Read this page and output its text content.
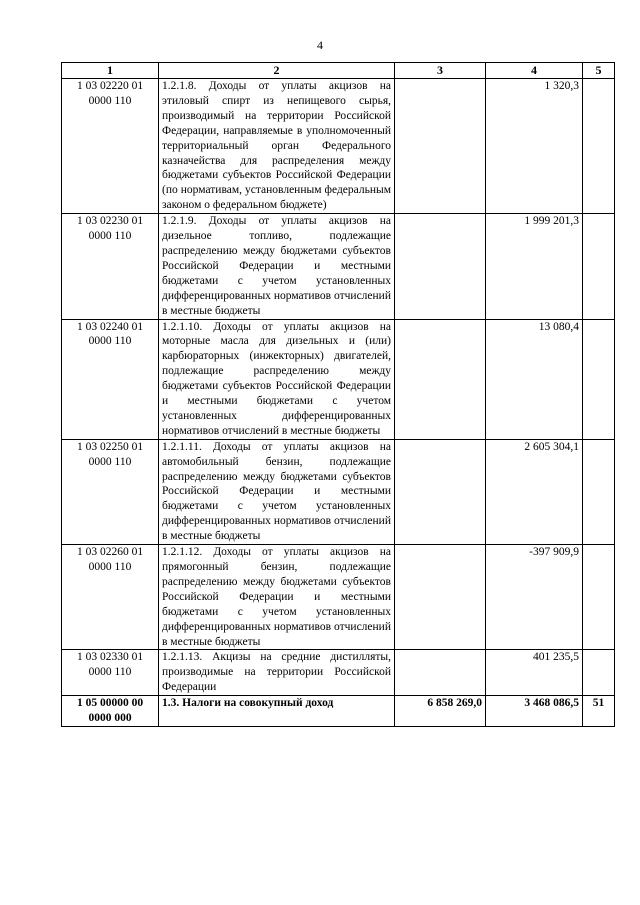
4
1	2	3	4	5
1 03 02220 01 0000 110	1.2.1.8. Доходы от уплаты акцизов на этиловый спирт из непищевого сырья, производимый на территории Российской Федерации, направляемые в уполномоченный территориальный орган Федерального казначейства для распределения между бюджетами субъектов Российской Федерации (по нормативам, установленным федеральным законом о федеральном бюджете)		1 320,3	
1 03 02230 01 0000 110	1.2.1.9. Доходы от уплаты акцизов на дизельное топливо, подлежащие распределению между бюджетами субъектов Российской Федерации и местными бюджетами с учетом установленных дифференцированных нормативов отчислений в местные бюджеты		1 999 201,3	
1 03 02240 01 0000 110	1.2.1.10. Доходы от уплаты акцизов на моторные масла для дизельных и (или) карбюраторных (инжекторных) двигателей, подлежащие распределению между бюджетами субъектов Российской Федерации и местными бюджетами с учетом установленных дифференцированных нормативов отчислений в местные бюджеты		13 080,4	
1 03 02250 01 0000 110	1.2.1.11. Доходы от уплаты акцизов на автомобильный бензин, подлежащие распределению между бюджетами субъектов Российской Федерации и местными бюджетами с учетом установленных дифференцированных нормативов отчислений в местные бюджеты		2 605 304,1	
1 03 02260 01 0000 110	1.2.1.12. Доходы от уплаты акцизов на прямогонный бензин, подлежащие распределению между бюджетами субъектов Российской Федерации и местными бюджетами с учетом установленных дифференцированных нормативов отчислений в местные бюджеты		-397 909,9	
1 03 02330 01 0000 110	1.2.1.13. Акцизы на средние дистилляты, производимые на территории Российской Федерации		401 235,5	
1 05 00000 00 0000 000	1.3. Налоги на совокупный доход	6 858 269,0	3 468 086,5	51
